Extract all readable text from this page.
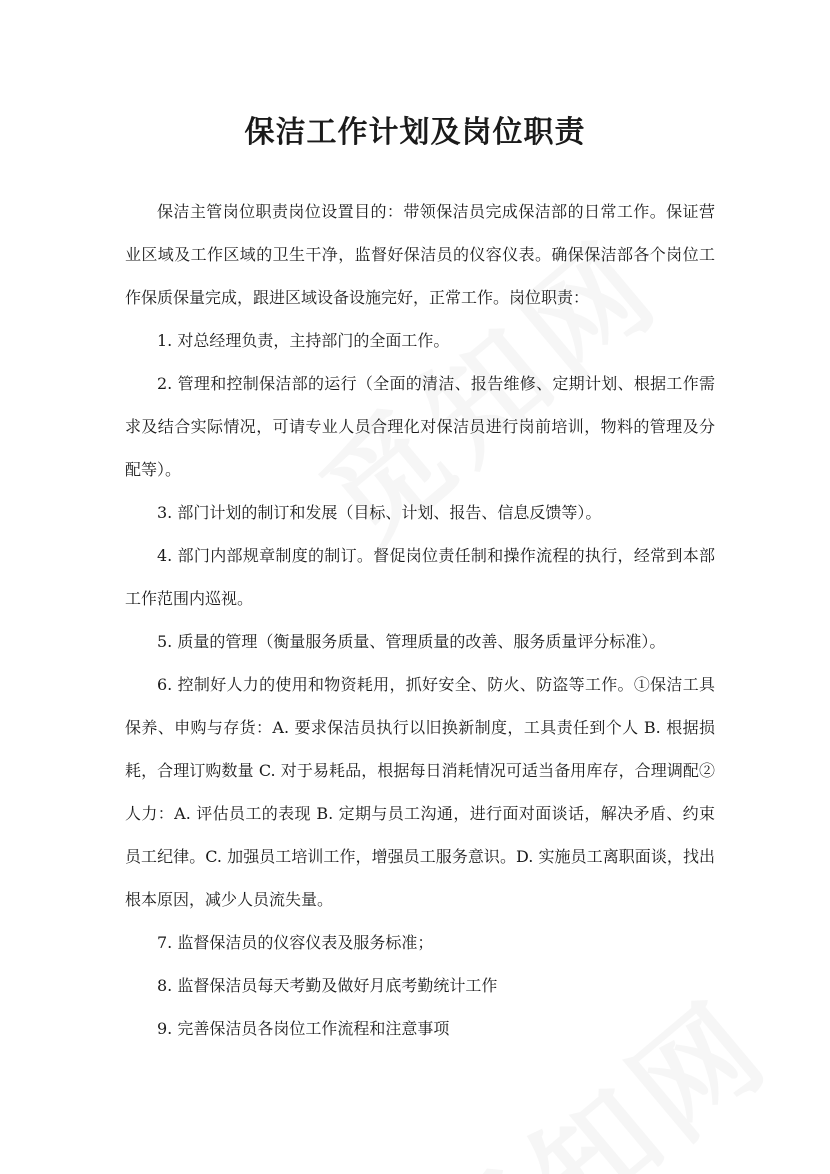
保洁工作计划及岗位职责

保洁主管岗位职责岗位设置目的：带领保洁员完成保洁部的日常工作。保证营业区域及工作区域的卫生干净，监督好保洁员的仪容仪表。确保保洁部各个岗位工作保质保量完成，跟进区域设备设施完好，正常工作。岗位职责：

1. 对总经理负责，主持部门的全面工作。

2. 管理和控制保洁部的运行（全面的清洁、报告维修、定期计划、根据工作需求及结合实际情况，可请专业人员合理化对保洁员进行岗前培训，物料的管理及分配等）。

3. 部门计划的制订和发展（目标、计划、报告、信息反馈等）。

4. 部门内部规章制度的制订。督促岗位责任制和操作流程的执行，经常到本部工作范围内巡视。

5. 质量的管理（衡量服务质量、管理质量的改善、服务质量评分标准）。

6. 控制好人力的使用和物资耗用，抓好安全、防火、防盗等工作。①保洁工具保养、申购与存货：A. 要求保洁员执行以旧换新制度，工具责任到个人 B. 根据损耗，合理订购数量 C. 对于易耗品，根据每日消耗情况可适当备用库存，合理调配②人力：A. 评估员工的表现 B. 定期与员工沟通，进行面对面谈话，解决矛盾、约束员工纪律。C. 加强员工培训工作，增强员工服务意识。D. 实施员工离职面谈，找出根本原因，减少人员流失量。

7. 监督保洁员的仪容仪表及服务标准；

8. 监督保洁员每天考勤及做好月底考勤统计工作

9. 完善保洁员各岗位工作流程和注意事项
